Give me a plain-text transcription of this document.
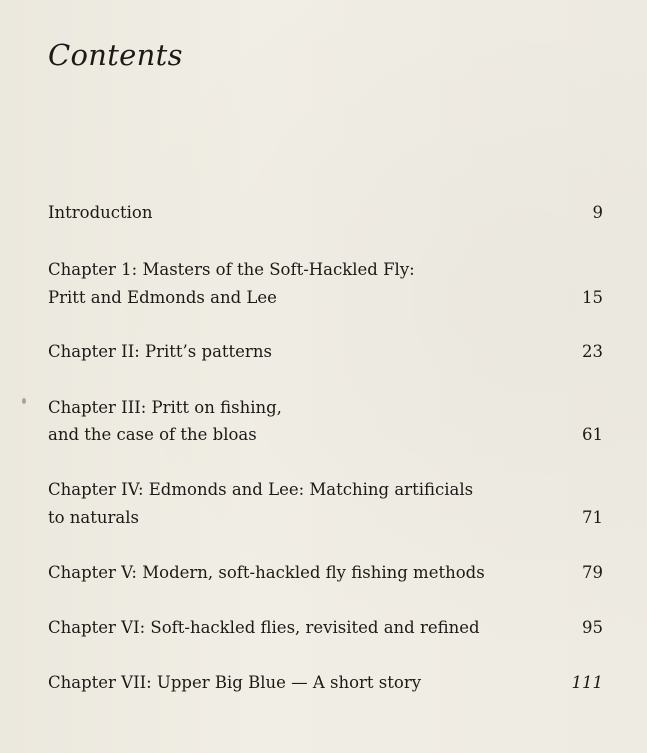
Contents
Introduction	9
Chapter 1: Masters of the Soft-Hackled Fly:
Pritt and Edmonds and Lee	15
Chapter II: Pritt’s patterns	23
Chapter III: Pritt on fishing,
and the case of the bloas	61
Chapter IV: Edmonds and Lee: Matching artificials
to naturals	71
Chapter V: Modern, soft-hackled fly fishing methods	79
Chapter VI: Soft-hackled flies, revisited and refined	95
Chapter VII: Upper Big Blue — A short story	111
